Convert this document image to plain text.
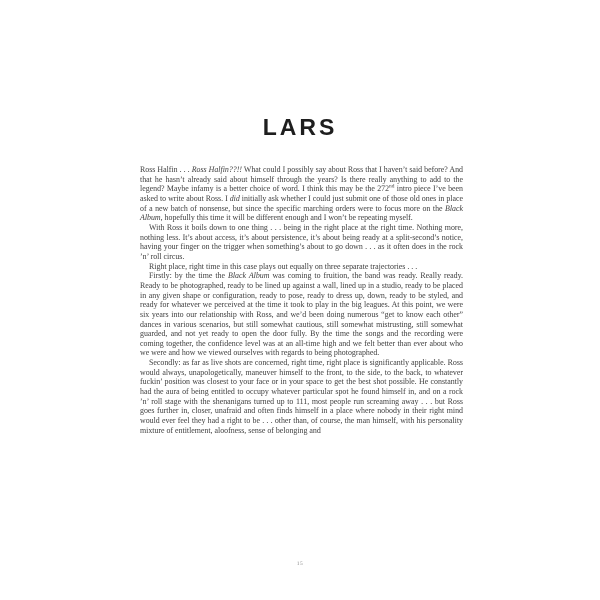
LARS

Ross Halfin . . . Ross Halfin??!! What could I possibly say about Ross that I haven’t said before? And that he hasn’t already said about himself through the years? Is there really anything to add to the legend? Maybe infamy is a better choice of word. I think this may be the 272nd intro piece I’ve been asked to write about Ross. I did initially ask whether I could just submit one of those old ones in place of a new batch of nonsense, but since the specific marching orders were to focus more on the Black Album, hopefully this time it will be different enough and I won’t be repeating myself.

With Ross it boils down to one thing . . . being in the right place at the right time. Nothing more, nothing less. It’s about access, it’s about persistence, it’s about being ready at a split-second’s notice, having your finger on the trigger when something’s about to go down . . . as it often does in the rock ’n’ roll circus.

Right place, right time in this case plays out equally on three separate trajectories . . .

Firstly: by the time the Black Album was coming to fruition, the band was ready. Really ready. Ready to be photographed, ready to be lined up against a wall, lined up in a studio, ready to be placed in any given shape or configuration, ready to pose, ready to dress up, down, ready to be styled, and ready for whatever we perceived at the time it took to play in the big leagues. At this point, we were six years into our relationship with Ross, and we’d been doing numerous “get to know each other” dances in various scenarios, but still somewhat cautious, still somewhat mistrusting, still somewhat guarded, and not yet ready to open the door fully. By the time the songs and the recording were coming together, the confidence level was at an all-time high and we felt better than ever about who we were and how we viewed ourselves with regards to being photographed.

Secondly: as far as live shots are concerned, right time, right place is significantly applicable. Ross would always, unapologetically, maneuver himself to the front, to the side, to the back, to whatever fuckin’ position was closest to your face or in your space to get the best shot possible. He constantly had the aura of being entitled to occupy whatever particular spot he found himself in, and on a rock ’n’ roll stage with the shenanigans turned up to 111, most people run screaming away . . . but Ross goes further in, closer, unafraid and often finds himself in a place where nobody in their right mind would ever feel they had a right to be . . . other than, of course, the man himself, with his personality mixture of entitlement, aloofness, sense of belonging and

15
